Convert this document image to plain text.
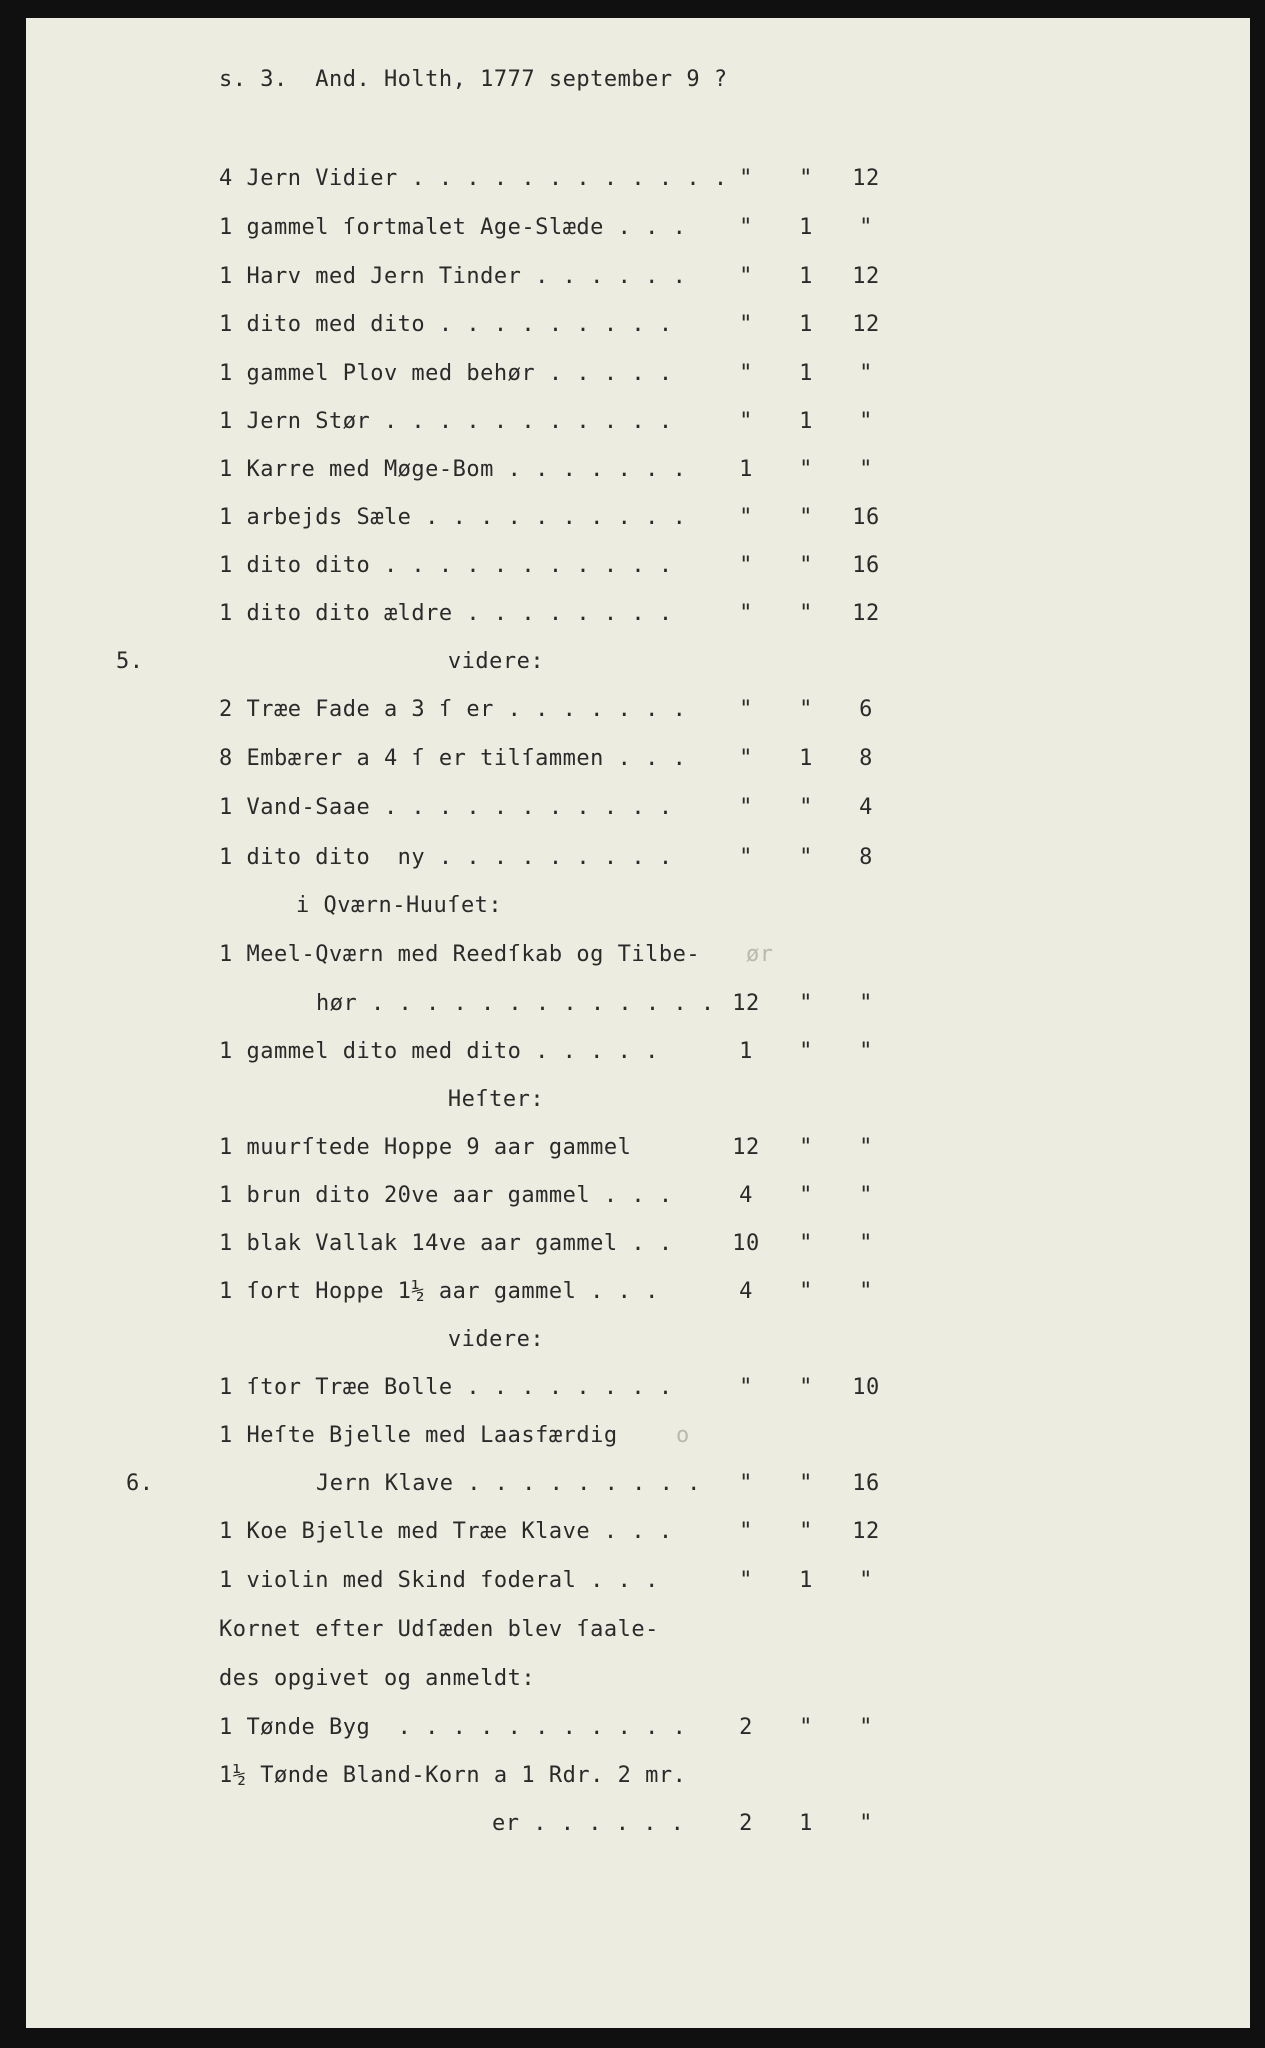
s. 3.  And. Holth, 1777 september 9 ?
4 Jern Vidier . . . . . . . . . . . . "	"	12
1 gammel ſortmalet Age-Slæde . . .	"	1	"
1 Harv med Jern Tinder . . . . . .	"	1	12
1 dito med dito . . . . . . . . .	"	1	12
1 gammel Plov med behør . . . . .	"	1	"
1 Jern Stør . . . . . . . . . . .	"	1	"
1 Karre med Møge-Bom . . . . . . .	1	"	"
1 arbejds Sæle . . . . . . . . . .	"	"	16
1 dito dito . . . . . . . . . . .	"	"	16
1 dito dito ældre . . . . . . . .	"	"	12
5.	videre:
2 Træe Fade a 3 ſ er . . . . . . .	"	"	6
8 Embærer a 4 ſ er tilſammen . . .	"	1	8
1 Vand-Saae . . . . . . . . . . .	"	"	4
1 dito dito  ny . . . . . . . . .	"	"	8
i Qværn-Huuſet:
1 Meel-Qværn med Reedſkab og Tilbe- ør
hør . . . . . . . . . . . . . 12	"	"
1 gammel dito med dito . . . . .	1	"	"
Heſter:
1 muurſtede Hoppe 9 aar gammel	12	"	"
1 brun dito 20ve aar gammel . . .	4	"	"
1 blak Vallak 14ve aar gammel . .	10	"	"
1 ſort Hoppe 1½ aar gammel . . .	4	"	"
videre:
1 ſtor Træe Bolle . . . . . . . .	"	"	10
1 Heſte Bjelle med Laasfærdig	o
6.	Jern Klave . . . . . . . . .	"	"	16
1 Koe Bjelle med Træe Klave . . .	"	"	12
1 violin med Skind foderal . . .	"	1	"
Kornet efter Udſæden blev ſaale-
des opgivet og anmeldt:
1 Tønde Byg  . . . . . . . . . . .	2	"	"
1½ Tønde Bland-Korn a 1 Rdr. 2 mr.
er . . . . . .	2	1	"
